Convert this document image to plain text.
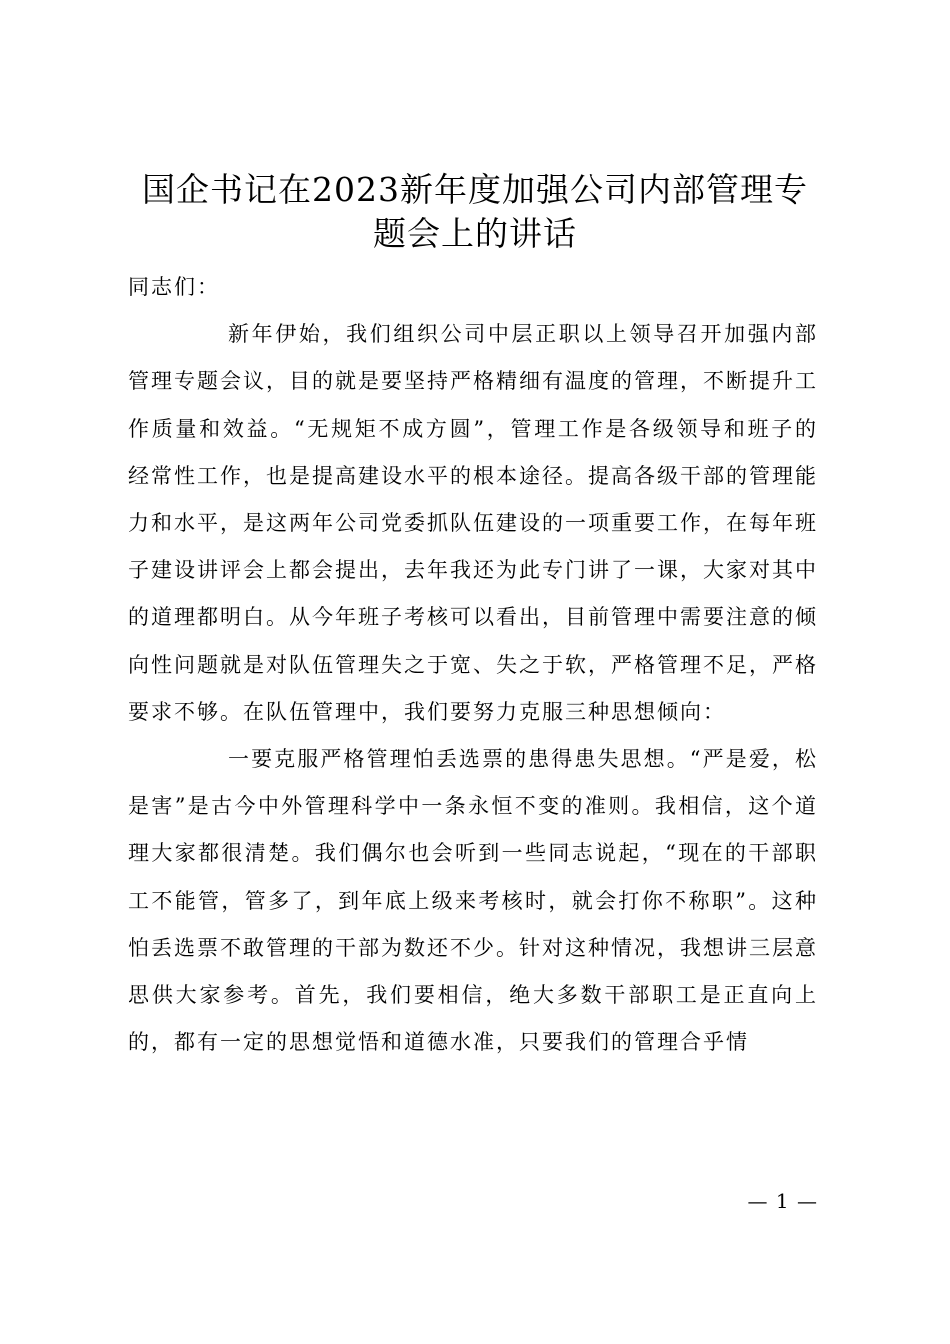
国企书记在2023新年度加强公司内部管理专
题会上的讲话

同志们：

新年伊始，我们组织公司中层正职以上领导召开加强内部管理专题会议，目的就是要坚持严格精细有温度的管理，不断提升工作质量和效益。“无规矩不成方圆”，管理工作是各级领导和班子的经常性工作，也是提高建设水平的根本途径。提高各级干部的管理能力和水平，是这两年公司党委抓队伍建设的一项重要工作，在每年班子建设讲评会上都会提出，去年我还为此专门讲了一课，大家对其中的道理都明白。从今年班子考核可以看出，目前管理中需要注意的倾向性问题就是对队伍管理失之于宽、失之于软，严格管理不足，严格要求不够。在队伍管理中，我们要努力克服三种思想倾向：

一要克服严格管理怕丢选票的患得患失思想。“严是爱，松是害”是古今中外管理科学中一条永恒不变的准则。我相信，这个道理大家都很清楚。我们偶尔也会听到一些同志说起，“现在的干部职工不能管，管多了，到年底上级来考核时，就会打你不称职”。这种怕丢选票不敢管理的干部为数还不少。针对这种情况，我想讲三层意思供大家参考。首先，我们要相信，绝大多数干部职工是正直向上的，都有一定的思想觉悟和道德水准，只要我们的管理合乎情

— 1 —
